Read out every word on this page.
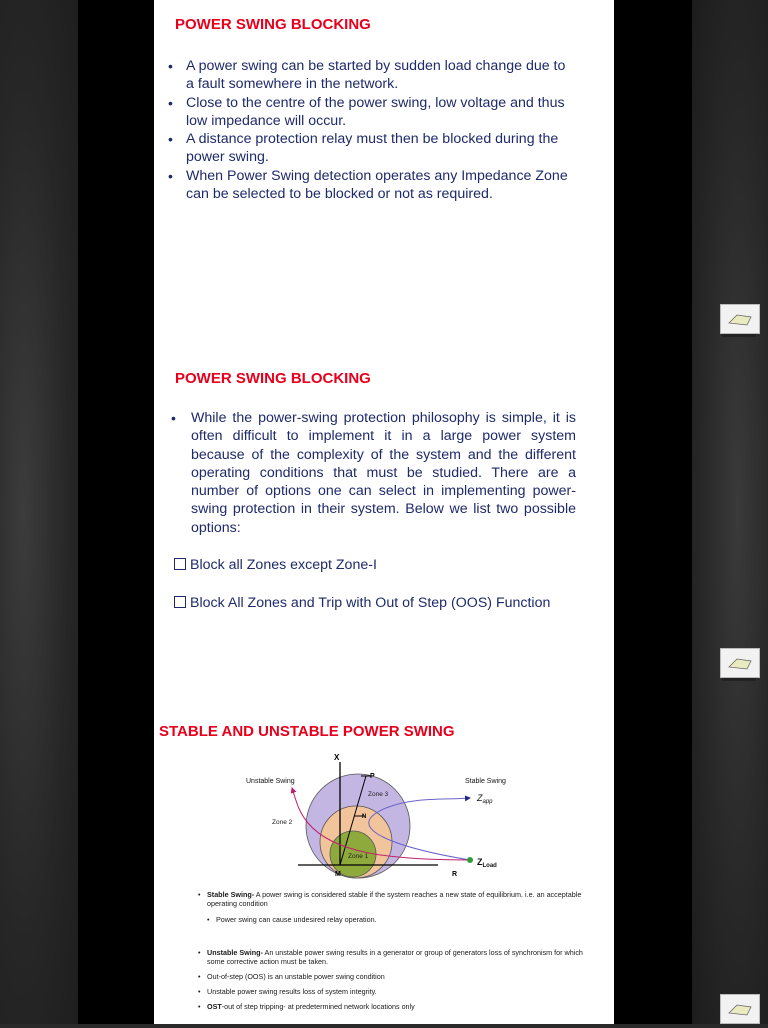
POWER SWING BLOCKING
• A power swing can be started by sudden load change due to a fault somewhere in the network.
• Close to the centre of the power swing, low voltage and thus low impedance will occur.
• A distance protection relay must then be blocked during the power swing.
• When Power Swing detection operates any Impedance Zone can be selected to be blocked or not as required.
POWER SWING BLOCKING
• While the power-swing protection philosophy is simple, it is often difficult to implement it in a large power system because of the complexity of the system and the different operating conditions that must be studied. There are a number of options one can select in implementing power-swing protection in their system. Below we list two possible options:
Block all Zones except Zone-I
Block All Zones and Trip with Out of Step (OOS) Function
STABLE AND UNSTABLE POWER SWING
X
R
M
P
N
Zone 3
Zone 2
Zone 1
Unstable Swing	Stable Swing
$Z_{app}$
$Z_{Load}$
• Stable Swing- A power swing is considered stable if the system reaches a new state of equilibrium. i.e. an acceptable operating condition
• Power swing can cause undesired relay operation.
• Unstable Swing- An unstable power swing results in a generator or group of generators loss of synchronism for which some corrective action must be taken.
• Out-of-step (OOS) is an unstable power swing condition
• Unstable power swing results loss of system integrity.
• OST-out of step tripping- at predetermined network locations only
